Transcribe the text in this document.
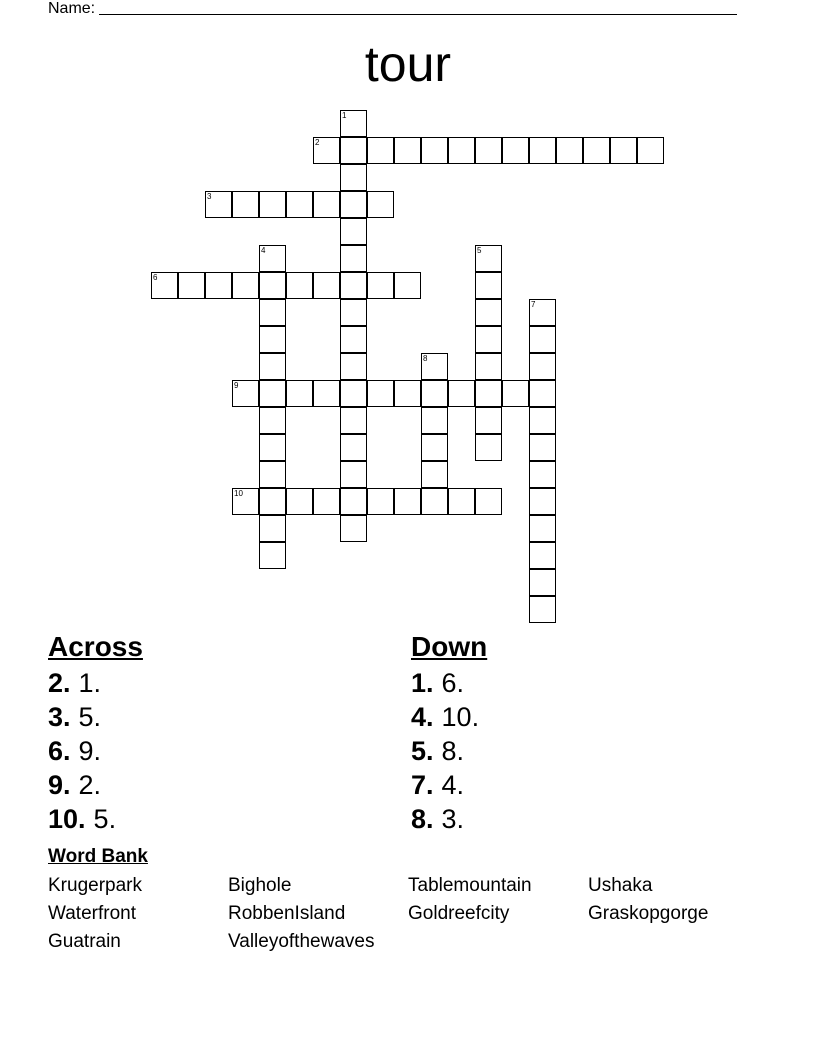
Name:
tour
1
2
3
4	5
6
7
8
9
10
Across
2. 1.
3. 5.
6. 9.
9. 2.
10. 5.
Down
1. 6.
4. 10.
5. 8.
7. 4.
8. 3.
Word Bank
Krugerpark	Bighole	Tablemountain	Ushaka
Waterfront	RobbenIsland	Goldreefcity	Graskopgorge
Guatrain	Valleyofthewaves
